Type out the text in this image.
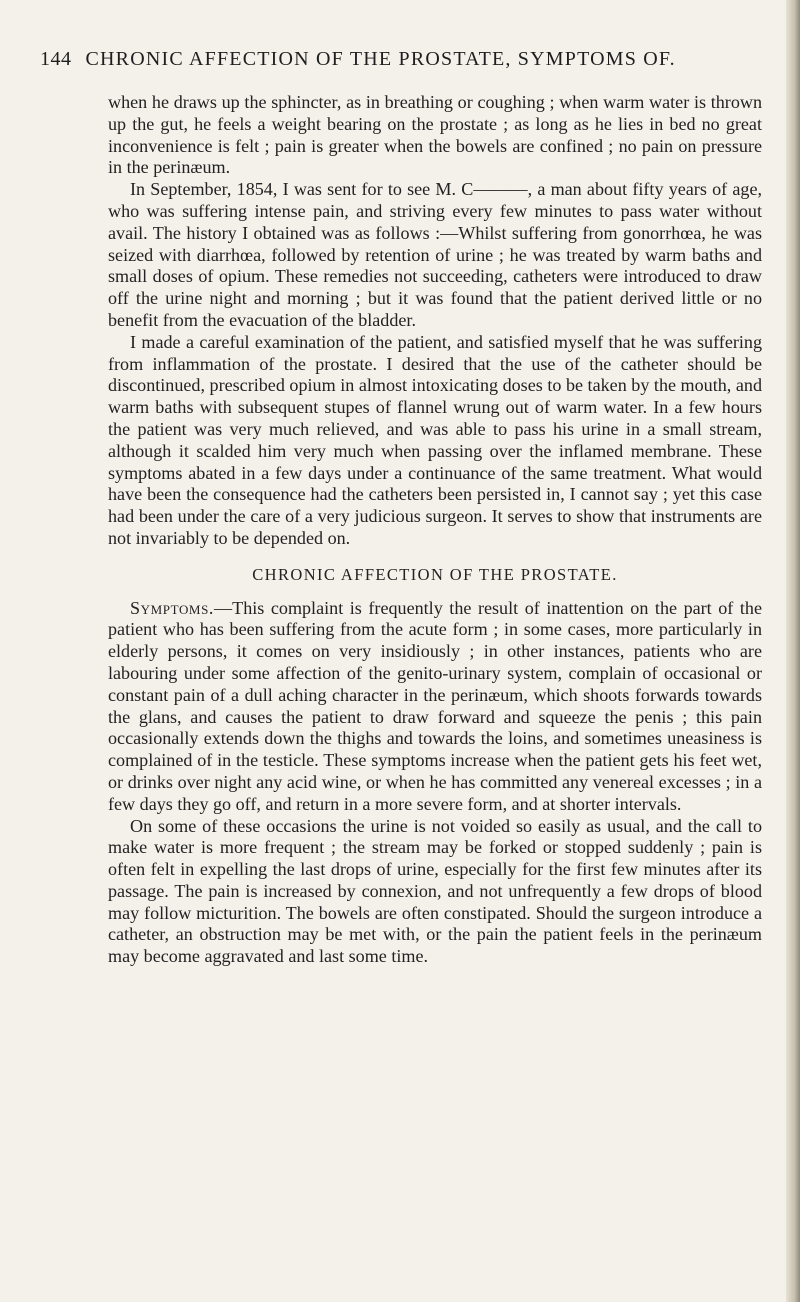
144 CHRONIC AFFECTION OF THE PROSTATE, SYMPTOMS OF.

when he draws up the sphincter, as in breathing or coughing ; when warm water is thrown up the gut, he feels a weight bearing on the prostate ; as long as he lies in bed no great inconvenience is felt ; pain is greater when the bowels are confined ; no pain on pressure in the perinæum.

In September, 1854, I was sent for to see M. C———, a man about fifty years of age, who was suffering intense pain, and striving every few minutes to pass water without avail. The history I obtained was as follows :—Whilst suffering from gonorrhœa, he was seized with diarrhœa, followed by retention of urine ; he was treated by warm baths and small doses of opium. These remedies not succeeding, catheters were introduced to draw off the urine night and morning ; but it was found that the patient derived little or no benefit from the evacuation of the bladder.

I made a careful examination of the patient, and satisfied myself that he was suffering from inflammation of the prostate. I desired that the use of the catheter should be discontinued, prescribed opium in almost intoxicating doses to be taken by the mouth, and warm baths with subsequent stupes of flannel wrung out of warm water. In a few hours the patient was very much relieved, and was able to pass his urine in a small stream, although it scalded him very much when passing over the inflamed membrane. These symptoms abated in a few days under a continuance of the same treatment. What would have been the consequence had the catheters been persisted in, I cannot say ; yet this case had been under the care of a very judicious surgeon. It serves to show that instruments are not invariably to be depended on.

CHRONIC AFFECTION OF THE PROSTATE.

Symptoms.—This complaint is frequently the result of inattention on the part of the patient who has been suffering from the acute form ; in some cases, more particularly in elderly persons, it comes on very insidiously ; in other instances, patients who are labouring under some affection of the genito-urinary system, complain of occasional or constant pain of a dull aching character in the perinæum, which shoots forwards towards the glans, and causes the patient to draw forward and squeeze the penis ; this pain occasionally extends down the thighs and towards the loins, and sometimes uneasiness is complained of in the testicle. These symptoms increase when the patient gets his feet wet, or drinks over night any acid wine, or when he has committed any venereal excesses ; in a few days they go off, and return in a more severe form, and at shorter intervals.

On some of these occasions the urine is not voided so easily as usual, and the call to make water is more frequent ; the stream may be forked or stopped suddenly ; pain is often felt in expelling the last drops of urine, especially for the first few minutes after its passage. The pain is increased by connexion, and not unfrequently a few drops of blood may follow micturition. The bowels are often constipated. Should the surgeon introduce a catheter, an obstruction may be met with, or the pain the patient feels in the perinæum may become aggravated and last some time.
